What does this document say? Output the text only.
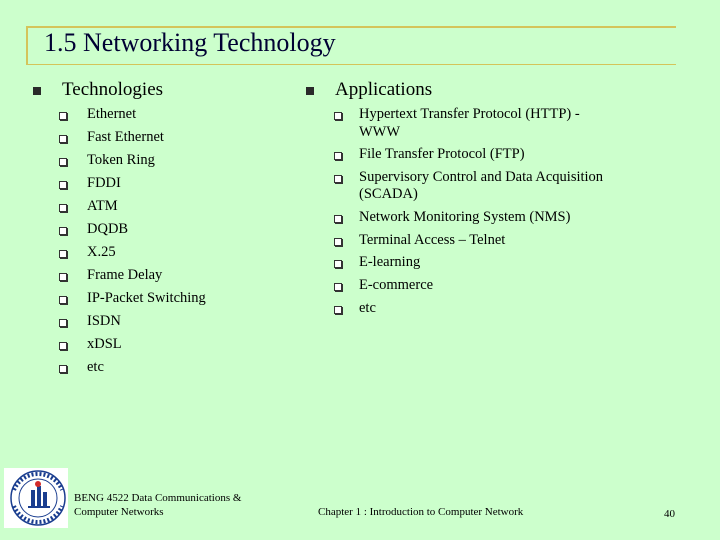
1.5 Networking Technology
Technologies
Ethernet
Fast Ethernet
Token Ring
FDDI
ATM
DQDB
X.25
Frame Delay
IP-Packet Switching
ISDN
xDSL
etc
Applications
Hypertext Transfer Protocol (HTTP) -WWW
File Transfer Protocol (FTP)
Supervisory Control and Data Acquisition (SCADA)
Network Monitoring System (NMS)
Terminal Access – Telnet
E-learning
E-commerce
etc
BENG 4522 Data Communications & Computer Networks	Chapter 1 : Introduction to Computer Network	40
